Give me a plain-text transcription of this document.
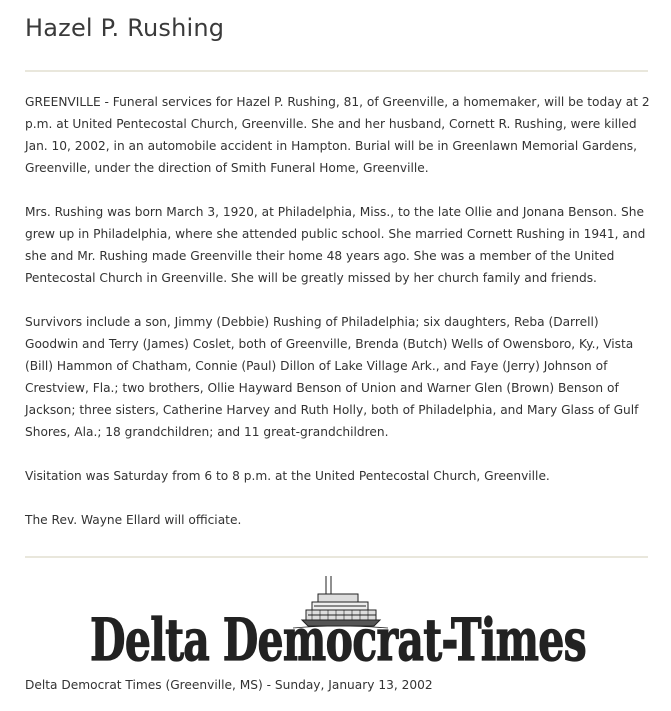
Hazel P. Rushing

GREENVILLE - Funeral services for Hazel P. Rushing, 81, of Greenville, a homemaker, will be today at 2 p.m. at United Pentecostal Church, Greenville. She and her husband, Cornett R. Rushing, were killed Jan. 10, 2002, in an automobile accident in Hampton. Burial will be in Greenlawn Memorial Gardens, Greenville, under the direction of Smith Funeral Home, Greenville.

Mrs. Rushing was born March 3, 1920, at Philadelphia, Miss., to the late Ollie and Jonana Benson. She grew up in Philadelphia, where she attended public school. She married Cornett Rushing in 1941, and she and Mr. Rushing made Greenville their home 48 years ago. She was a member of the United Pentecostal Church in Greenville. She will be greatly missed by her church family and friends.

Survivors include a son, Jimmy (Debbie) Rushing of Philadelphia; six daughters, Reba (Darrell) Goodwin and Terry (James) Coslet, both of Greenville, Brenda (Butch) Wells of Owensboro, Ky., Vista (Bill) Hammon of Chatham, Connie (Paul) Dillon of Lake Village Ark., and Faye (Jerry) Johnson of Crestview, Fla.; two brothers, Ollie Hayward Benson of Union and Warner Glen (Brown) Benson of Jackson; three sisters, Catherine Harvey and Ruth Holly, both of Philadelphia, and Mary Glass of Gulf Shores, Ala.; 18 grandchildren; and 11 great-grandchildren.

Visitation was Saturday from 6 to 8 p.m. at the United Pentecostal Church, Greenville.

The Rev. Wayne Ellard will officiate.

Delta Democrat-Times
Delta Democrat Times (Greenville, MS) - Sunday, January 13, 2002
